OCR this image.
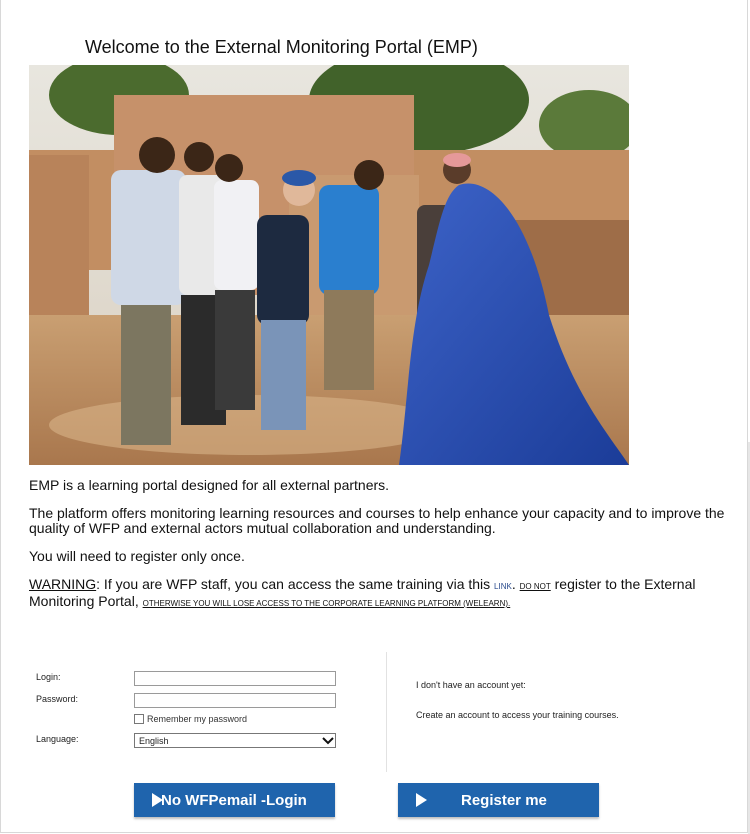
Welcome to the External Monitoring Portal (EMP)

EMP is a learning portal designed for all external partners.

The platform offers monitoring learning resources and courses to help enhance your capacity and to improve the quality of WFP and external actors mutual collaboration and understanding.

You will need to register only once.

WARNING: If you are WFP staff, you can access the same training via this LINK. DO NOT register to the External Monitoring Portal, OTHERWISE YOU WILL LOSE ACCESS TO THE CORPORATE LEARNING PLATFORM (WELEARN).

Login:
Password:
Remember my password
Language:	English

I don't have an account yet:

Create an account to access your training courses.

No WFPemail -Login	Register me
